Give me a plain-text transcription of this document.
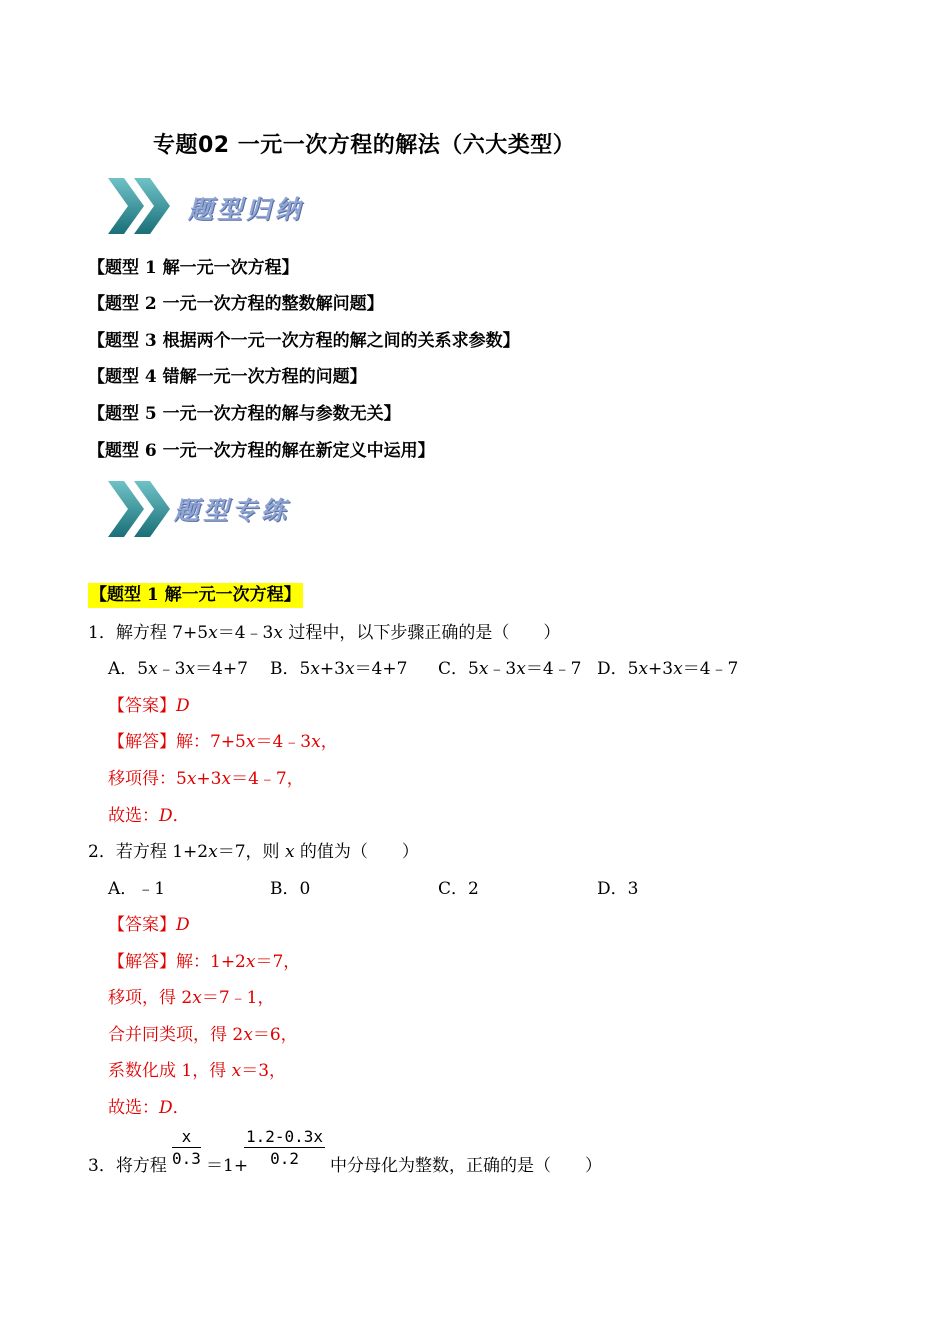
专题02 一元一次方程的解法（六大类型）
题型归纳
【题型 1 解一元一次方程】
【题型 2 一元一次方程的整数解问题】
【题型 3 根据两个一元一次方程的解之间的关系求参数】
【题型 4 错解一元一次方程的问题】
【题型 5 一元一次方程的解与参数无关】
【题型 6 一元一次方程的解在新定义中运用】
题型专练
【题型 1 解一元一次方程】
1．解方程 7+5x＝4﹣3x 过程中，以下步骤正确的是（　　）
A．5x﹣3x＝4+7 B．5x+3x＝4+7 C．5x﹣3x＝4﹣7 D．5x+3x＝4﹣7
【答案】D
【解答】解：7+5x＝4﹣3x，
移项得：5x+3x＝4﹣7，
故选：D．
2．若方程 1+2x＝7，则 x 的值为（　　）
A．﹣1	B．0	C．2	D．3
【答案】D
【解答】解：1+2x＝7，
移项，得 2x＝7﹣1，
合并同类项，得 2x＝6，
系数化成 1，得 x＝3，
故选：D．
3．将方程 $\frac{x}{0.3} =1+$
$\frac{1.2-0.3x}{0.2}$ 中分母化为整数，正确的是（　　）
